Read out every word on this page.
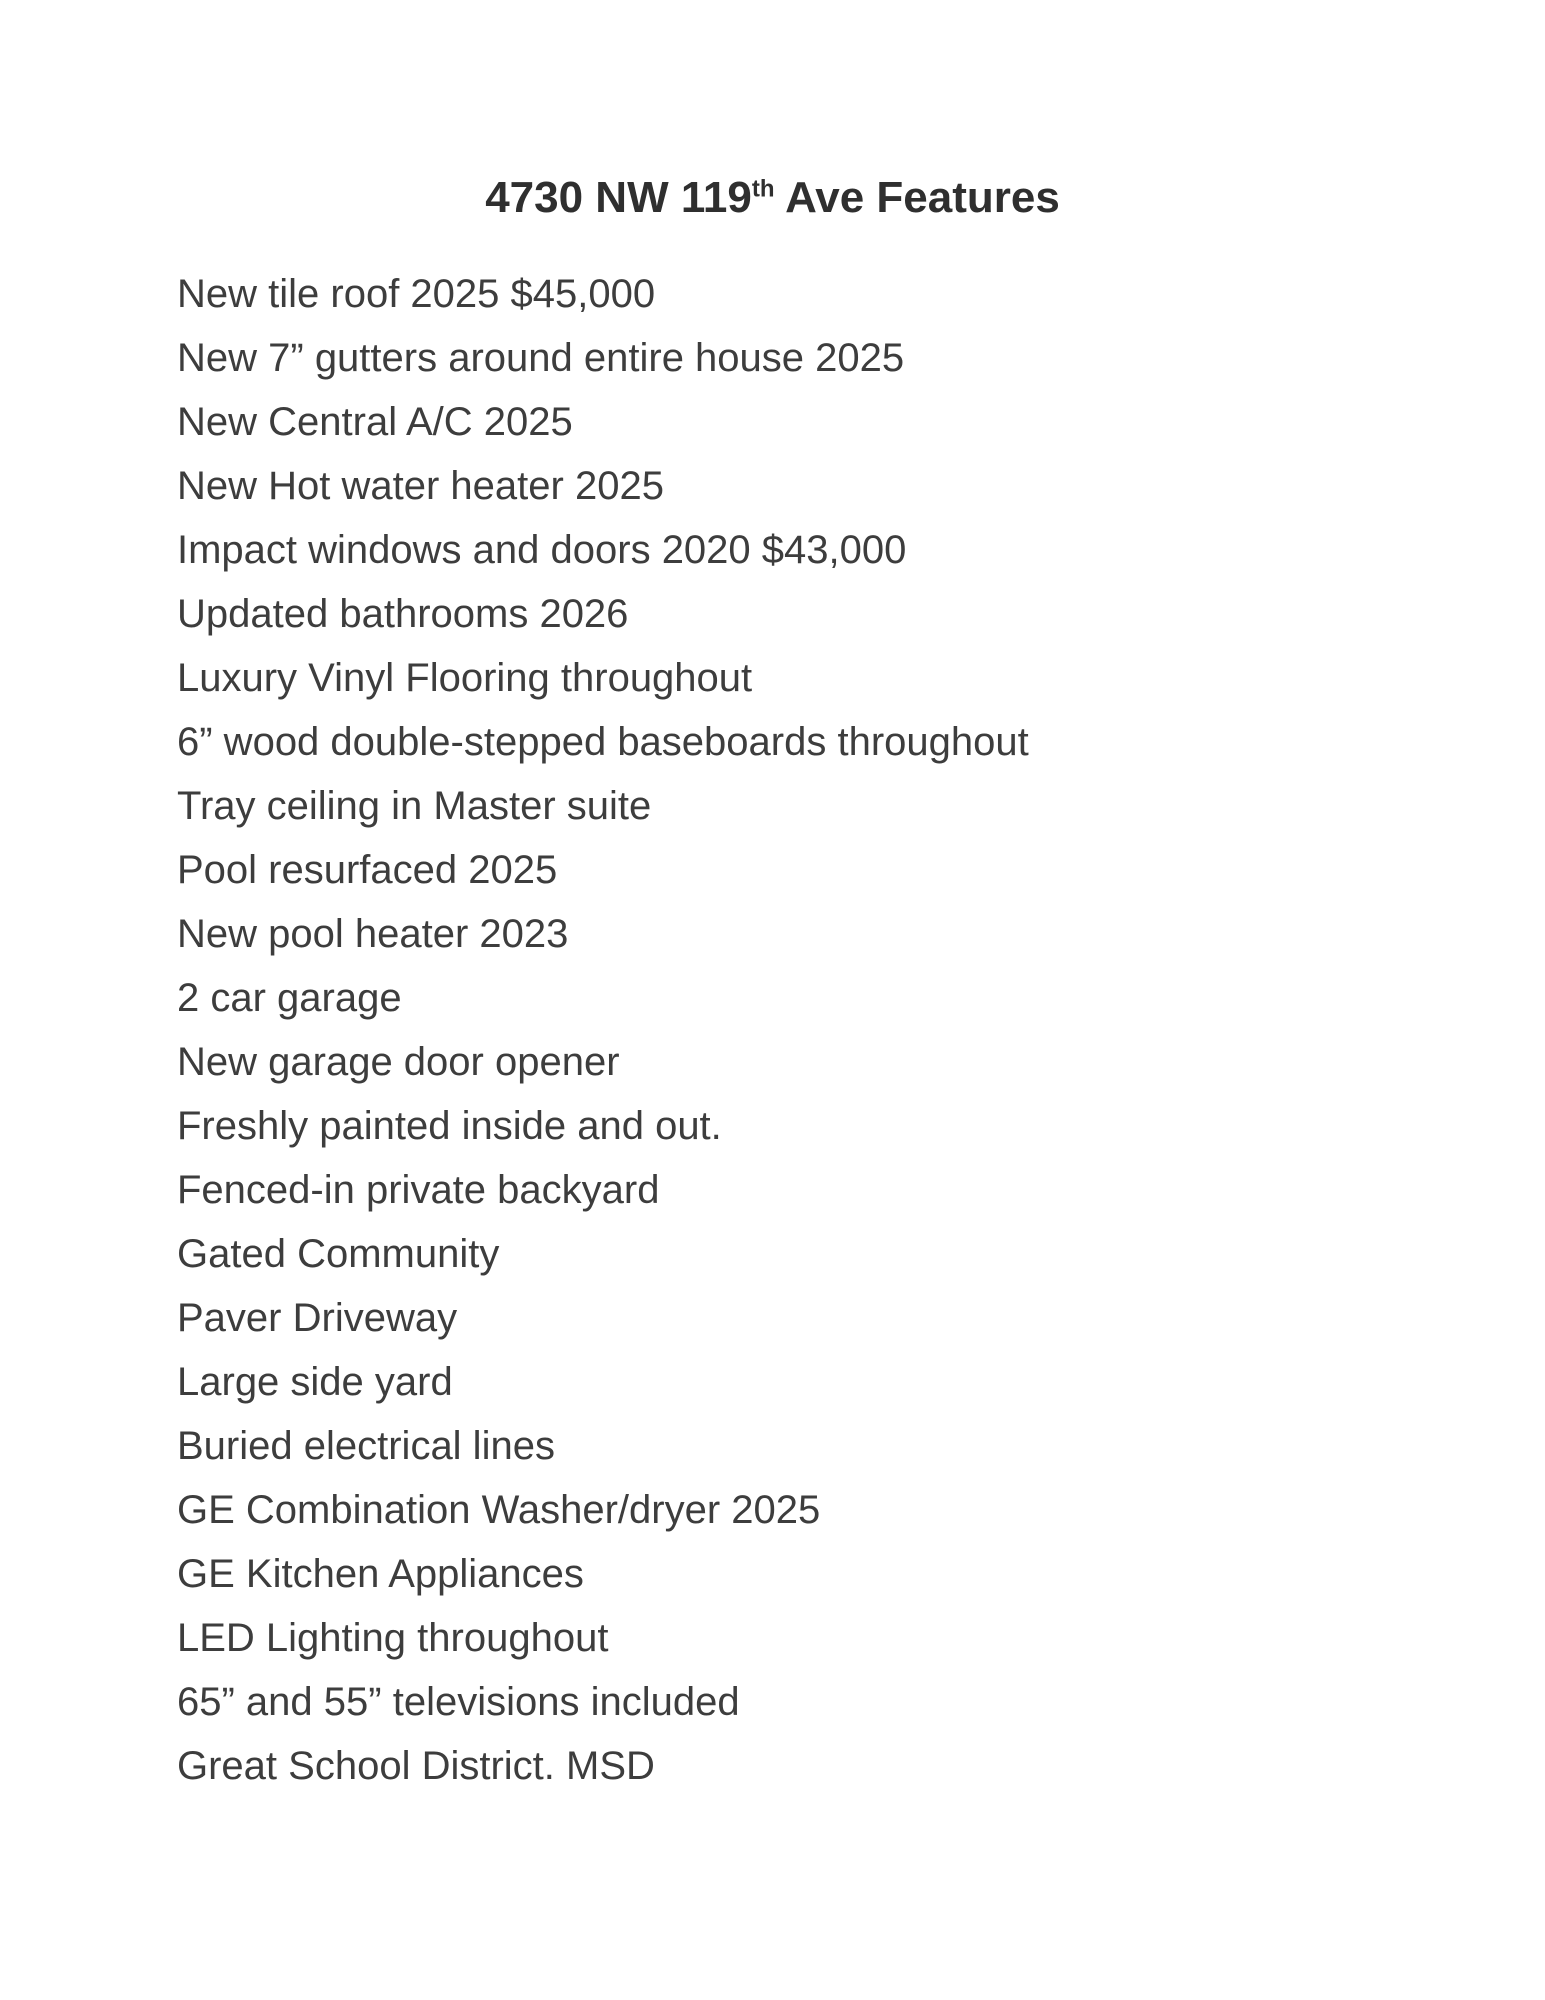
4730 NW 119th Ave Features
New tile roof 2025 $45,000
New 7” gutters around entire house 2025
New Central A/C 2025
New Hot water heater 2025
Impact windows and doors 2020 $43,000
Updated bathrooms 2026
Luxury Vinyl Flooring throughout
6” wood double-stepped baseboards throughout
Tray ceiling in Master suite
Pool resurfaced 2025
New pool heater 2023
2 car garage
New garage door opener
Freshly painted inside and out.
Fenced-in private backyard
Gated Community
Paver Driveway
Large side yard
Buried electrical lines
GE Combination Washer/dryer 2025
GE Kitchen Appliances
LED Lighting throughout
65” and 55” televisions included
Great School District. MSD
